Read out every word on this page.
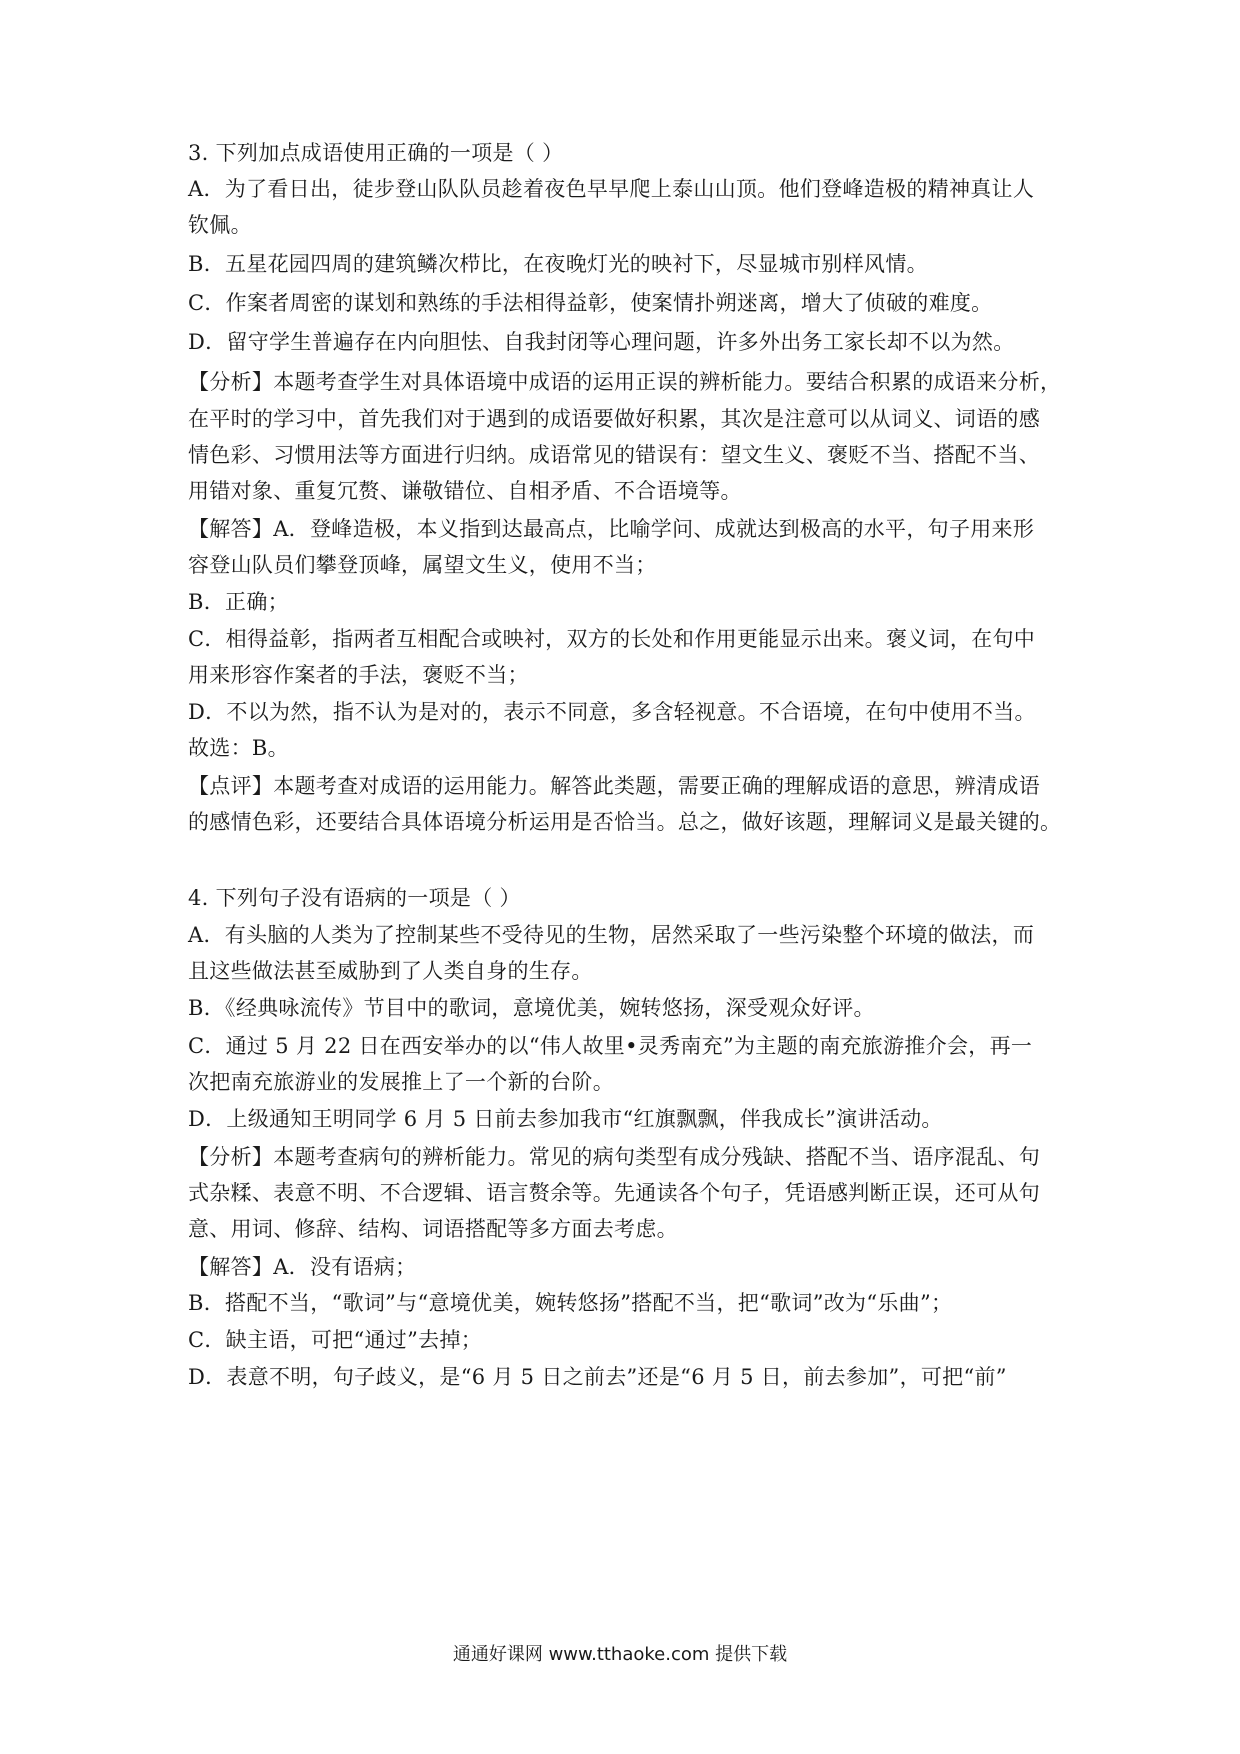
3. 下列加点成语使用正确的一项是（ ）
A．为了看日出，徒步登山队队员趁着夜色早早爬上泰山山顶。他们登峰造极的精神真让人
钦佩。
B．五星花园四周的建筑鳞次栉比，在夜晚灯光的映衬下，尽显城市别样风情。
C．作案者周密的谋划和熟练的手法相得益彰，使案情扑朔迷离，增大了侦破的难度。
D．留守学生普遍存在内向胆怯、自我封闭等心理问题，许多外出务工家长却不以为然。
【分析】本题考查学生对具体语境中成语的运用正误的辨析能力。要结合积累的成语来分析，
在平时的学习中，首先我们对于遇到的成语要做好积累，其次是注意可以从词义、词语的感
情色彩、习惯用法等方面进行归纳。成语常见的错误有：望文生义、褒贬不当、搭配不当、
用错对象、重复冗赘、谦敬错位、自相矛盾、不合语境等。
【解答】A．登峰造极，本义指到达最高点，比喻学问、成就达到极高的水平，句子用来形
容登山队员们攀登顶峰，属望文生义，使用不当；
B．正确；
C．相得益彰，指两者互相配合或映衬，双方的长处和作用更能显示出来。褒义词，在句中
用来形容作案者的手法，褒贬不当；
D．不以为然，指不认为是对的，表示不同意，多含轻视意。不合语境，在句中使用不当。
故选：B。
【点评】本题考查对成语的运用能力。解答此类题，需要正确的理解成语的意思，辨清成语
的感情色彩，还要结合具体语境分析运用是否恰当。总之，做好该题，理解词义是最关键的。
4. 下列句子没有语病的一项是（ ）
A．有头脑的人类为了控制某些不受待见的生物，居然采取了一些污染整个环境的做法，而
且这些做法甚至威胁到了人类自身的生存。
B．《经典咏流传》节目中的歌词，意境优美，婉转悠扬，深受观众好评。
C．通过 5 月 22 日在西安举办的以“伟人故里•灵秀南充”为主题的南充旅游推介会，再一
次把南充旅游业的发展推上了一个新的台阶。
D．上级通知王明同学 6 月 5 日前去参加我市“红旗飘飘，伴我成长”演讲活动。
【分析】本题考查病句的辨析能力。常见的病句类型有成分残缺、搭配不当、语序混乱、句
式杂糅、表意不明、不合逻辑、语言赘余等。先通读各个句子，凭语感判断正误，还可从句
意、用词、修辞、结构、词语搭配等多方面去考虑。
【解答】A．没有语病；
B．搭配不当，“歌词”与“意境优美，婉转悠扬”搭配不当，把“歌词”改为“乐曲”；
C．缺主语，可把“通过”去掉；
D．表意不明，句子歧义，是“6 月 5 日之前去”还是“6 月 5 日，前去参加”，可把“前”
通通好课网 www.tthaoke.com 提供下载
